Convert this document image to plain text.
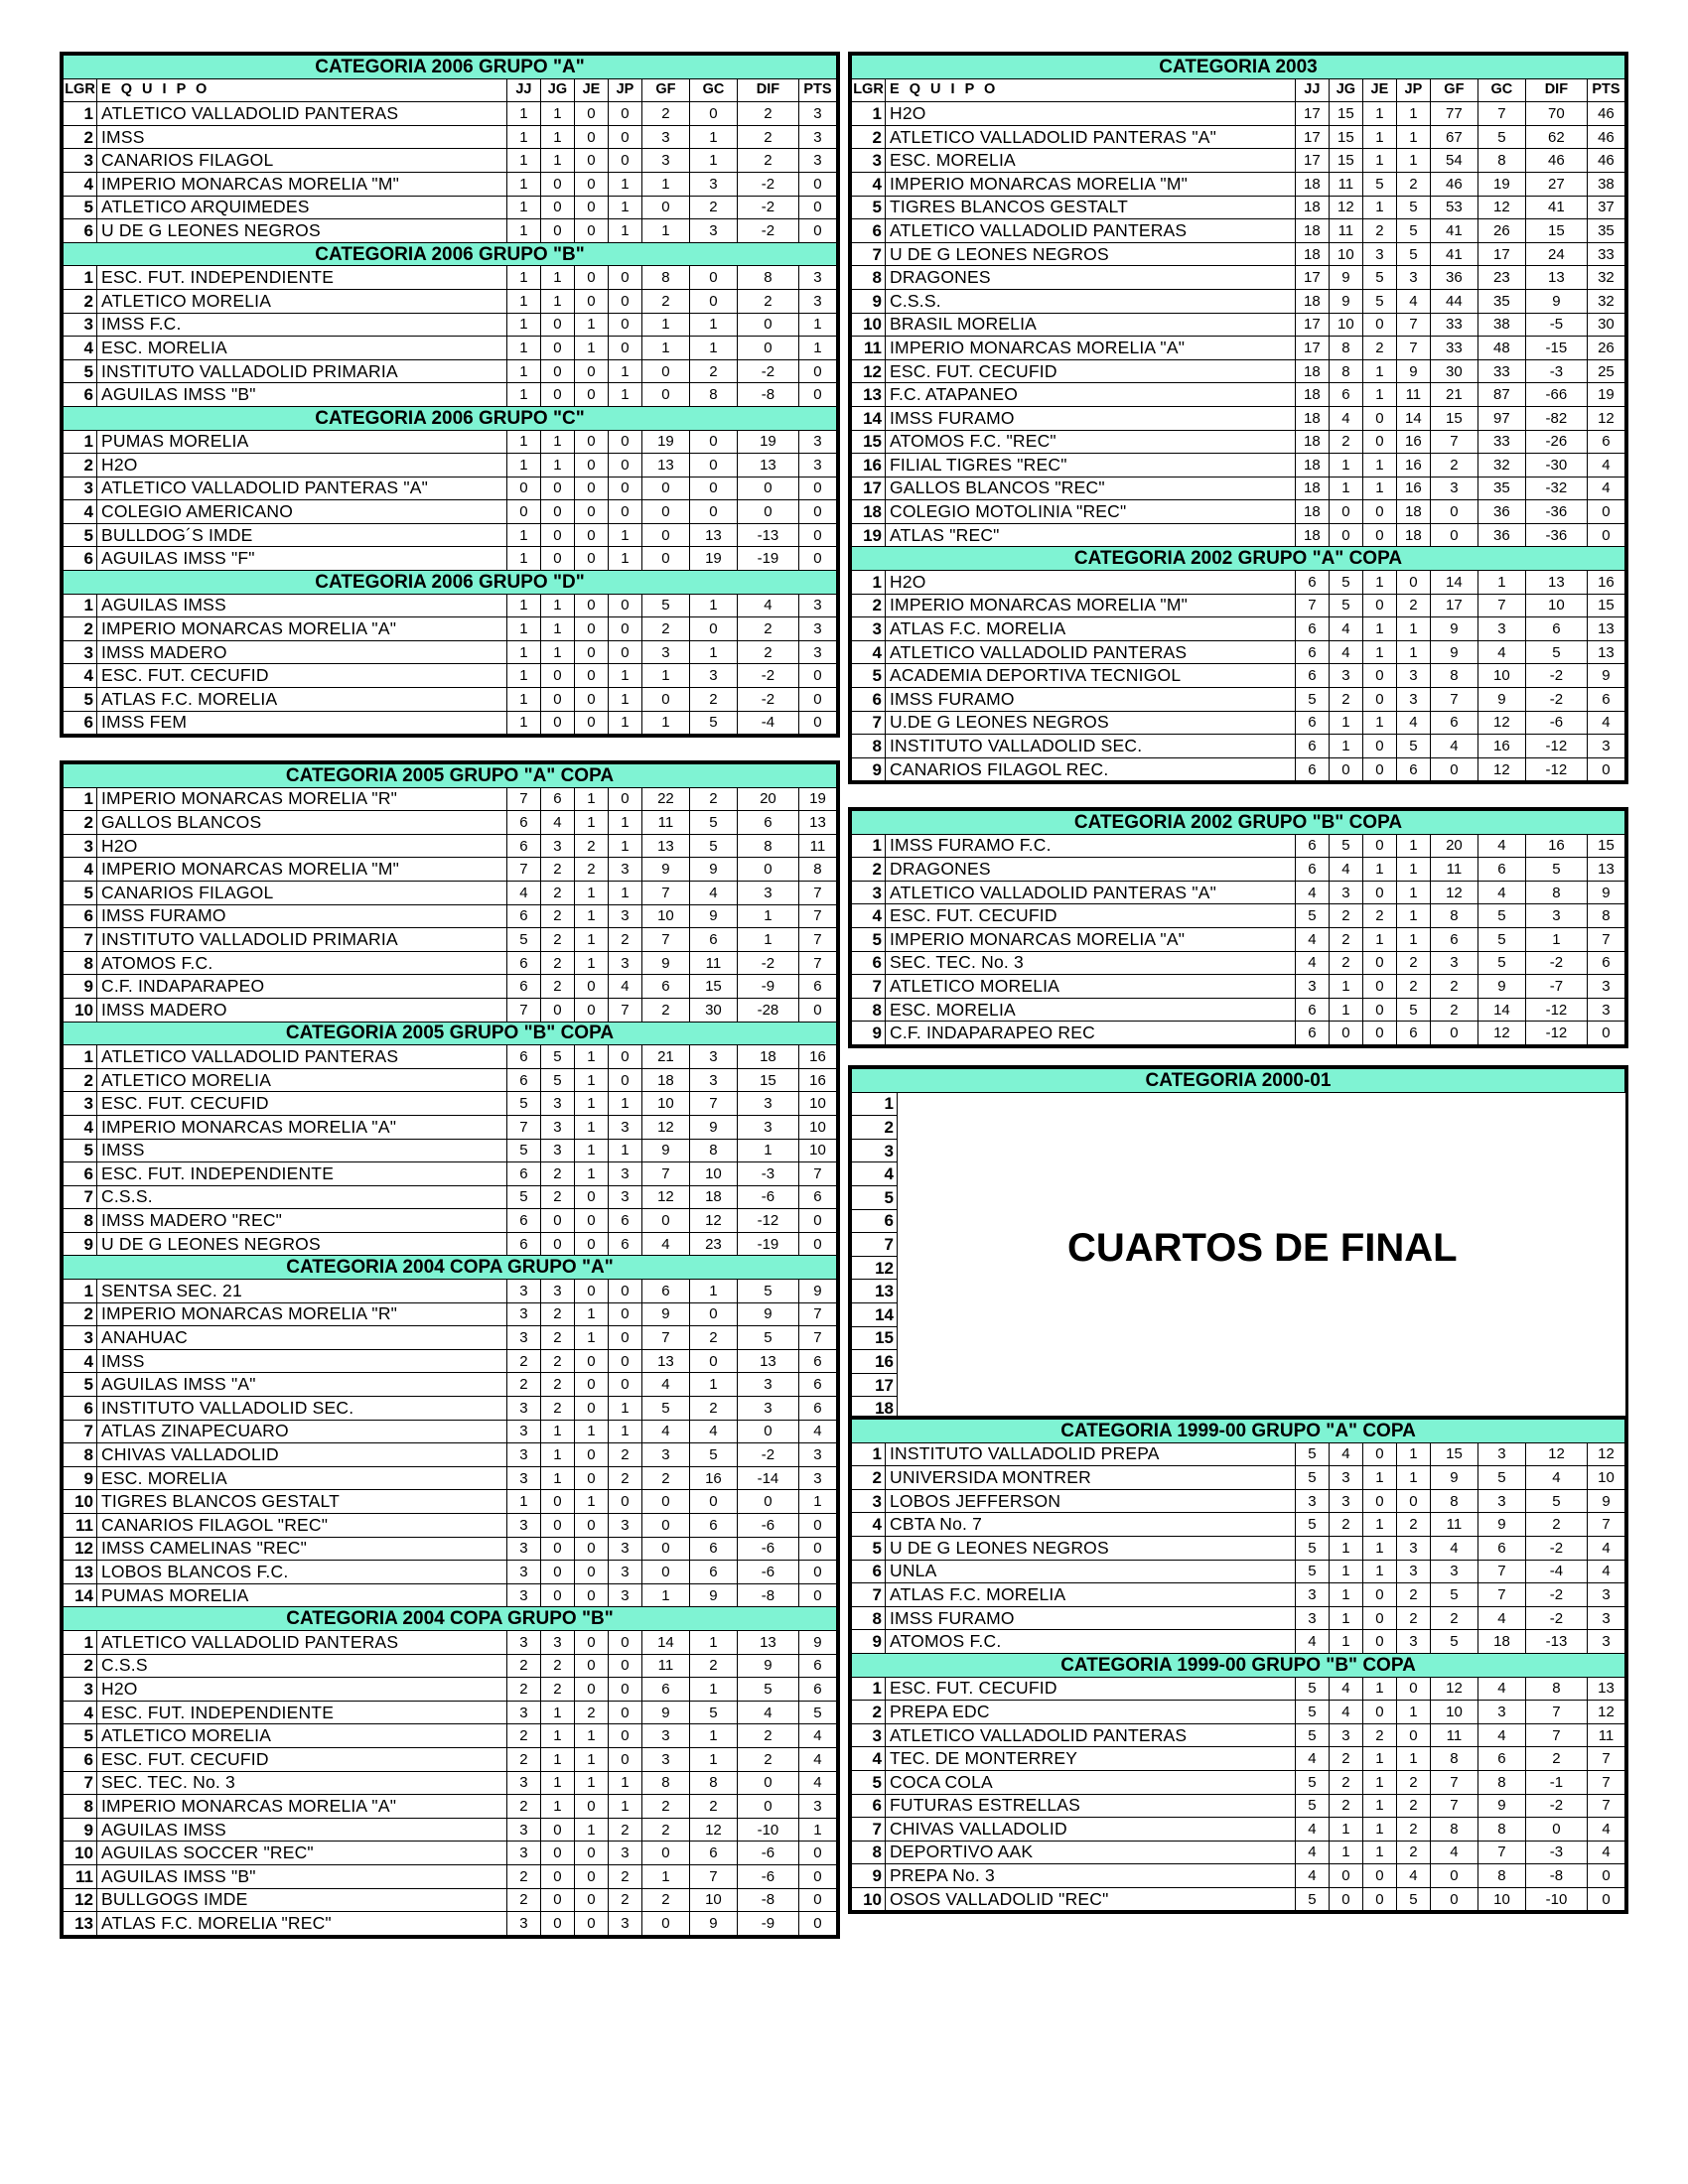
CATEGORIA 2006 GRUPO "A"									
LGR	E Q U I P O	JJ	JG	JE	JP	GF	GC	DIF	PTS
1	ATLETICO VALLADOLID PANTERAS	1	1	0	0	2	0	2	3
2	IMSS	1	1	0	0	3	1	2	3
3	CANARIOS FILAGOL	1	1	0	0	3	1	2	3
4	IMPERIO MONARCAS MORELIA "M"	1	0	0	1	1	3	-2	0
5	ATLETICO ARQUIMEDES	1	0	0	1	0	2	-2	0
6	U DE G LEONES NEGROS	1	0	0	1	1	3	-2	0
CATEGORIA 2006 GRUPO "B"									
1	ESC. FUT. INDEPENDIENTE	1	1	0	0	8	0	8	3
2	ATLETICO MORELIA	1	1	0	0	2	0	2	3
3	IMSS F.C.	1	0	1	0	1	1	0	1
4	ESC. MORELIA	1	0	1	0	1	1	0	1
5	INSTITUTO VALLADOLID PRIMARIA	1	0	0	1	0	2	-2	0
6	AGUILAS IMSS "B"	1	0	0	1	0	8	-8	0
CATEGORIA 2006 GRUPO "C"									
1	PUMAS MORELIA	1	1	0	0	19	0	19	3
2	H2O	1	1	0	0	13	0	13	3
3	ATLETICO VALLADOLID PANTERAS "A"	0	0	0	0	0	0	0	0
4	COLEGIO AMERICANO	0	0	0	0	0	0	0	0
5	BULLDOG´S IMDE	1	0	0	1	0	13	-13	0
6	AGUILAS IMSS "F"	1	0	0	1	0	19	-19	0
CATEGORIA 2006 GRUPO "D"									
1	AGUILAS IMSS	1	1	0	0	5	1	4	3
2	IMPERIO MONARCAS MORELIA "A"	1	1	0	0	2	0	2	3
3	IMSS MADERO	1	1	0	0	3	1	2	3
4	ESC. FUT. CECUFID	1	0	0	1	1	3	-2	0
5	ATLAS F.C. MORELIA	1	0	0	1	0	2	-2	0
6	IMSS FEM	1	0	0	1	1	5	-4	0
CATEGORIA 2005 GRUPO "A" COPA									
1	IMPERIO MONARCAS MORELIA "R"	7	6	1	0	22	2	20	19
2	GALLOS BLANCOS	6	4	1	1	11	5	6	13
3	H2O	6	3	2	1	13	5	8	11
4	IMPERIO MONARCAS MORELIA "M"	7	2	2	3	9	9	0	8
5	CANARIOS FILAGOL	4	2	1	1	7	4	3	7
6	IMSS FURAMO	6	2	1	3	10	9	1	7
7	INSTITUTO VALLADOLID PRIMARIA	5	2	1	2	7	6	1	7
8	ATOMOS F.C.	6	2	1	3	9	11	-2	7
9	C.F. INDAPARAPEO	6	2	0	4	6	15	-9	6
10	IMSS MADERO	7	0	0	7	2	30	-28	0
CATEGORIA 2005 GRUPO "B" COPA									
1	ATLETICO VALLADOLID PANTERAS	6	5	1	0	21	3	18	16
2	ATLETICO MORELIA	6	5	1	0	18	3	15	16
3	ESC. FUT. CECUFID	5	3	1	1	10	7	3	10
4	IMPERIO MONARCAS MORELIA "A"	7	3	1	3	12	9	3	10
5	IMSS	5	3	1	1	9	8	1	10
6	ESC. FUT. INDEPENDIENTE	6	2	1	3	7	10	-3	7
7	C.S.S.	5	2	0	3	12	18	-6	6
8	IMSS MADERO "REC"	6	0	0	6	0	12	-12	0
9	U DE G LEONES NEGROS	6	0	0	6	4	23	-19	0
CATEGORIA 2004 COPA GRUPO "A"									
1	SENTSA SEC. 21	3	3	0	0	6	1	5	9
2	IMPERIO MONARCAS MORELIA "R"	3	2	1	0	9	0	9	7
3	ANAHUAC	3	2	1	0	7	2	5	7
4	IMSS	2	2	0	0	13	0	13	6
5	AGUILAS IMSS "A"	2	2	0	0	4	1	3	6
6	INSTITUTO VALLADOLID SEC.	3	2	0	1	5	2	3	6
7	ATLAS ZINAPECUARO	3	1	1	1	4	4	0	4
8	CHIVAS VALLADOLID	3	1	0	2	3	5	-2	3
9	ESC. MORELIA	3	1	0	2	2	16	-14	3
10	TIGRES BLANCOS GESTALT	1	0	1	0	0	0	0	1
11	CANARIOS FILAGOL "REC"	3	0	0	3	0	6	-6	0
12	IMSS CAMELINAS "REC"	3	0	0	3	0	6	-6	0
13	LOBOS BLANCOS F.C.	3	0	0	3	0	6	-6	0
14	PUMAS MORELIA	3	0	0	3	1	9	-8	0
CATEGORIA 2004 COPA GRUPO "B"									
1	ATLETICO VALLADOLID PANTERAS	3	3	0	0	14	1	13	9
2	C.S.S	2	2	0	0	11	2	9	6
3	H2O	2	2	0	0	6	1	5	6
4	ESC. FUT. INDEPENDIENTE	3	1	2	0	9	5	4	5
5	ATLETICO MORELIA	2	1	1	0	3	1	2	4
6	ESC. FUT. CECUFID	2	1	1	0	3	1	2	4
7	SEC. TEC. No. 3	3	1	1	1	8	8	0	4
8	IMPERIO MONARCAS MORELIA "A"	2	1	0	1	2	2	0	3
9	AGUILAS IMSS	3	0	1	2	2	12	-10	1
10	AGUILAS SOCCER "REC"	3	0	0	3	0	6	-6	0
11	AGUILAS IMSS "B"	2	0	0	2	1	7	-6	0
12	BULLGOGS IMDE	2	0	0	2	2	10	-8	0
13	ATLAS F.C. MORELIA "REC"	3	0	0	3	0	9	-9	0
CATEGORIA 2003									
LGR	E Q U I P O	JJ	JG	JE	JP	GF	GC	DIF	PTS
1	H2O	17	15	1	1	77	7	70	46
2	ATLETICO VALLADOLID PANTERAS "A"	17	15	1	1	67	5	62	46
3	ESC. MORELIA	17	15	1	1	54	8	46	46
4	IMPERIO MONARCAS MORELIA "M"	18	11	5	2	46	19	27	38
5	TIGRES BLANCOS GESTALT	18	12	1	5	53	12	41	37
6	ATLETICO VALLADOLID PANTERAS	18	11	2	5	41	26	15	35
7	U DE G LEONES NEGROS	18	10	3	5	41	17	24	33
8	DRAGONES	17	9	5	3	36	23	13	32
9	C.S.S.	18	9	5	4	44	35	9	32
10	BRASIL MORELIA	17	10	0	7	33	38	-5	30
11	IMPERIO MONARCAS MORELIA "A"	17	8	2	7	33	48	-15	26
12	ESC. FUT. CECUFID	18	8	1	9	30	33	-3	25
13	F.C. ATAPANEO	18	6	1	11	21	87	-66	19
14	IMSS FURAMO	18	4	0	14	15	97	-82	12
15	ATOMOS F.C. "REC"	18	2	0	16	7	33	-26	6
16	FILIAL TIGRES "REC"	18	1	1	16	2	32	-30	4
17	GALLOS BLANCOS "REC"	18	1	1	16	3	35	-32	4
18	COLEGIO MOTOLINIA "REC"	18	0	0	18	0	36	-36	0
19	ATLAS "REC"	18	0	0	18	0	36	-36	0
CATEGORIA 2002 GRUPO "A" COPA									
1	H2O	6	5	1	0	14	1	13	16
2	IMPERIO MONARCAS MORELIA "M"	7	5	0	2	17	7	10	15
3	ATLAS F.C. MORELIA	6	4	1	1	9	3	6	13
4	ATLETICO VALLADOLID PANTERAS	6	4	1	1	9	4	5	13
5	ACADEMIA DEPORTIVA TECNIGOL	6	3	0	3	8	10	-2	9
6	IMSS FURAMO	5	2	0	3	7	9	-2	6
7	U.DE G LEONES NEGROS	6	1	1	4	6	12	-6	4
8	INSTITUTO VALLADOLID SEC.	6	1	0	5	4	16	-12	3
9	CANARIOS FILAGOL REC.	6	0	0	6	0	12	-12	0
CATEGORIA 2002 GRUPO "B" COPA									
1	IMSS FURAMO F.C.	6	5	0	1	20	4	16	15
2	DRAGONES	6	4	1	1	11	6	5	13
3	ATLETICO VALLADOLID PANTERAS "A"	4	3	0	1	12	4	8	9
4	ESC. FUT. CECUFID	5	2	2	1	8	5	3	8
5	IMPERIO MONARCAS MORELIA "A"	4	2	1	1	6	5	1	7
6	SEC. TEC. No. 3	4	2	0	2	3	5	-2	6
7	ATLETICO MORELIA	3	1	0	2	2	9	-7	3
8	ESC. MORELIA	6	1	0	5	2	14	-12	3
9	C.F. INDAPARAPEO REC	6	0	0	6	0	12	-12	0
CATEGORIA 2000-01	
1	
2	
3	
4	
5	
6	
7	
12	
13	
14	
15	
16	
17	
18	
CUARTOS DE FINAL
CATEGORIA 1999-00 GRUPO "A" COPA									
1	INSTITUTO VALLADOLID PREPA	5	4	0	1	15	3	12	12
2	UNIVERSIDA MONTRER	5	3	1	1	9	5	4	10
3	LOBOS JEFFERSON	3	3	0	0	8	3	5	9
4	CBTA No. 7	5	2	1	2	11	9	2	7
5	U DE G LEONES NEGROS	5	1	1	3	4	6	-2	4
6	UNLA	5	1	1	3	3	7	-4	4
7	ATLAS F.C. MORELIA	3	1	0	2	5	7	-2	3
8	IMSS FURAMO	3	1	0	2	2	4	-2	3
9	ATOMOS F.C.	4	1	0	3	5	18	-13	3
CATEGORIA 1999-00 GRUPO "B" COPA									
1	ESC. FUT. CECUFID	5	4	1	0	12	4	8	13
2	PREPA EDC	5	4	0	1	10	3	7	12
3	ATLETICO VALLADOLID PANTERAS	5	3	2	0	11	4	7	11
4	TEC. DE MONTERREY	4	2	1	1	8	6	2	7
5	COCA COLA	5	2	1	2	7	8	-1	7
6	FUTURAS ESTRELLAS	5	2	1	2	7	9	-2	7
7	CHIVAS VALLADOLID	4	1	1	2	8	8	0	4
8	DEPORTIVO AAK	4	1	1	2	4	7	-3	4
9	PREPA No. 3	4	0	0	4	0	8	-8	0
10	OSOS VALLADOLID "REC"	5	0	0	5	0	10	-10	0
